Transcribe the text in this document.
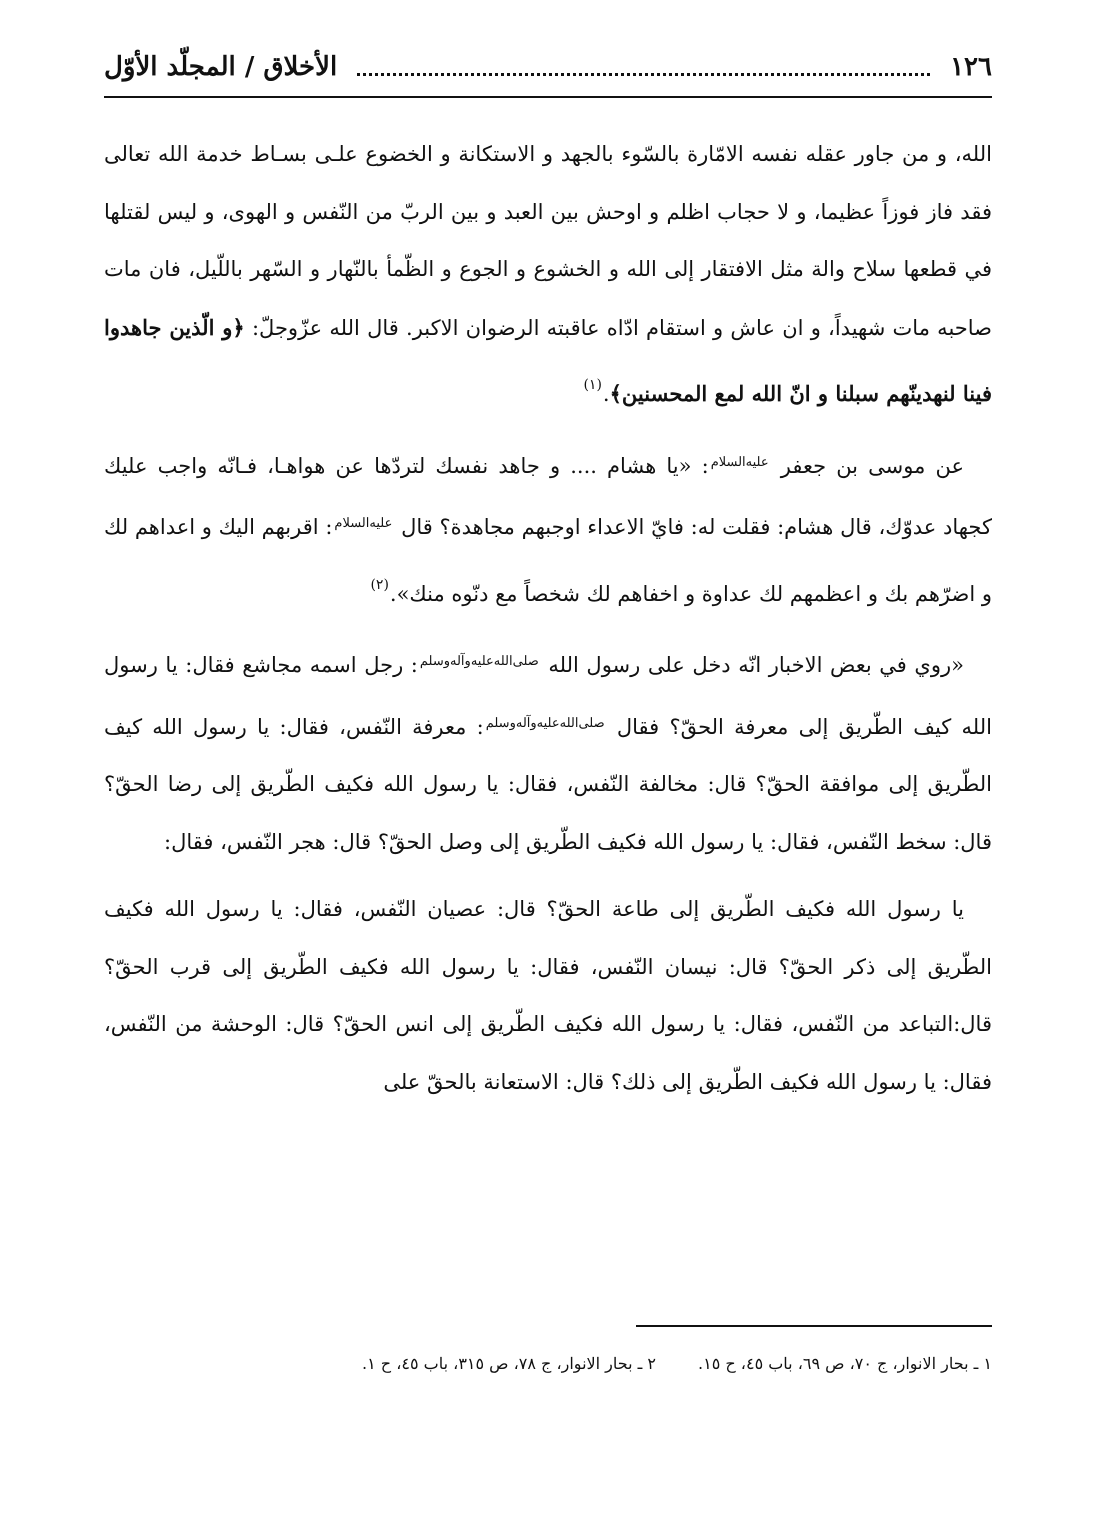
١٢٦
الأخلاق / المجلّد الأوّل

الله، و من جاور عقله نفسه الامّارة بالسّوء بالجهد و الاستكانة و الخضوع علـى بسـاط خدمة الله تعالى فقد فاز فوزاً عظيما، و لا حجاب اظلم و اوحش بين العبد و بين الربّ من النّفس و الهوى، و ليس لقتلها في قطعها سلاح والة مثل الافتقار إلى الله و الخشوع و الجوع و الظّمأ بالنّهار و السّهر باللّيل، فان مات صاحبه مات شهيداً، و ان عاش و استقام ادّاه عاقبته الرضوان الاكبر. قال الله عزّوجلّ: ﴿و الّذين جاهدوا فينا لنهدينّهم سبلنا و انّ الله لمع المحسنين﴾.$^{(١)}$

عن موسى بن جعفر $^{عليه‌السلام}$: «يا هشام .... و جاهد نفسك لتردّها عن هواهـا، فـانّه واجب عليك كجهاد عدوّك، قال هشام: فقلت له: فايّ الاعداء اوجبهم مجاهدة؟ قال $^{عليه‌السلام}$: اقربهم اليك و اعداهم لك و اضرّهم بك و اعظمهم لك عداوة و اخفاهم لك شخصاً مع دنّوه منك».$^{(٢)}$

«روي في بعض الاخبار انّه دخل على رسول الله $^{صلى‌الله‌عليه‌وآله‌وسلم}$: رجل اسمه مجاشع فقال: يا رسول الله كيف الطّريق إلى معرفة الحقّ؟ فقال $^{صلى‌الله‌عليه‌وآله‌وسلم}$: معرفة النّفس، فقال: يا رسول الله كيف الطّريق إلى موافقة الحقّ؟ قال: مخالفة النّفس، فقال: يا رسول الله فكيف الطّريق إلى رضا الحقّ؟ قال: سخط النّفس، فقال: يا رسول الله فكيف الطّريق إلى وصل الحقّ؟ قال: هجر النّفس، فقال:

يا رسول الله فكيف الطّريق إلى طاعة الحقّ؟ قال: عصيان النّفس، فقال: يا رسول الله فكيف الطّريق إلى ذكر الحقّ؟ قال: نيسان النّفس، فقال: يا رسول الله فكيف الطّريق إلى قرب الحقّ؟ قال:التباعد من النّفس، فقال: يا رسول الله فكيف الطّريق إلى انس الحقّ؟ قال: الوحشة من النّفس، فقال: يا رسول الله فكيف الطّريق إلى ذلك؟ قال: الاستعانة بالحقّ على

١ ـ بحار الانوار، ج ٧٠، ص ٦٩، باب ٤٥، ح ١٥.
٢ ـ بحار الانوار، ج ٧٨، ص ٣١٥، باب ٤٥، ح ١.
